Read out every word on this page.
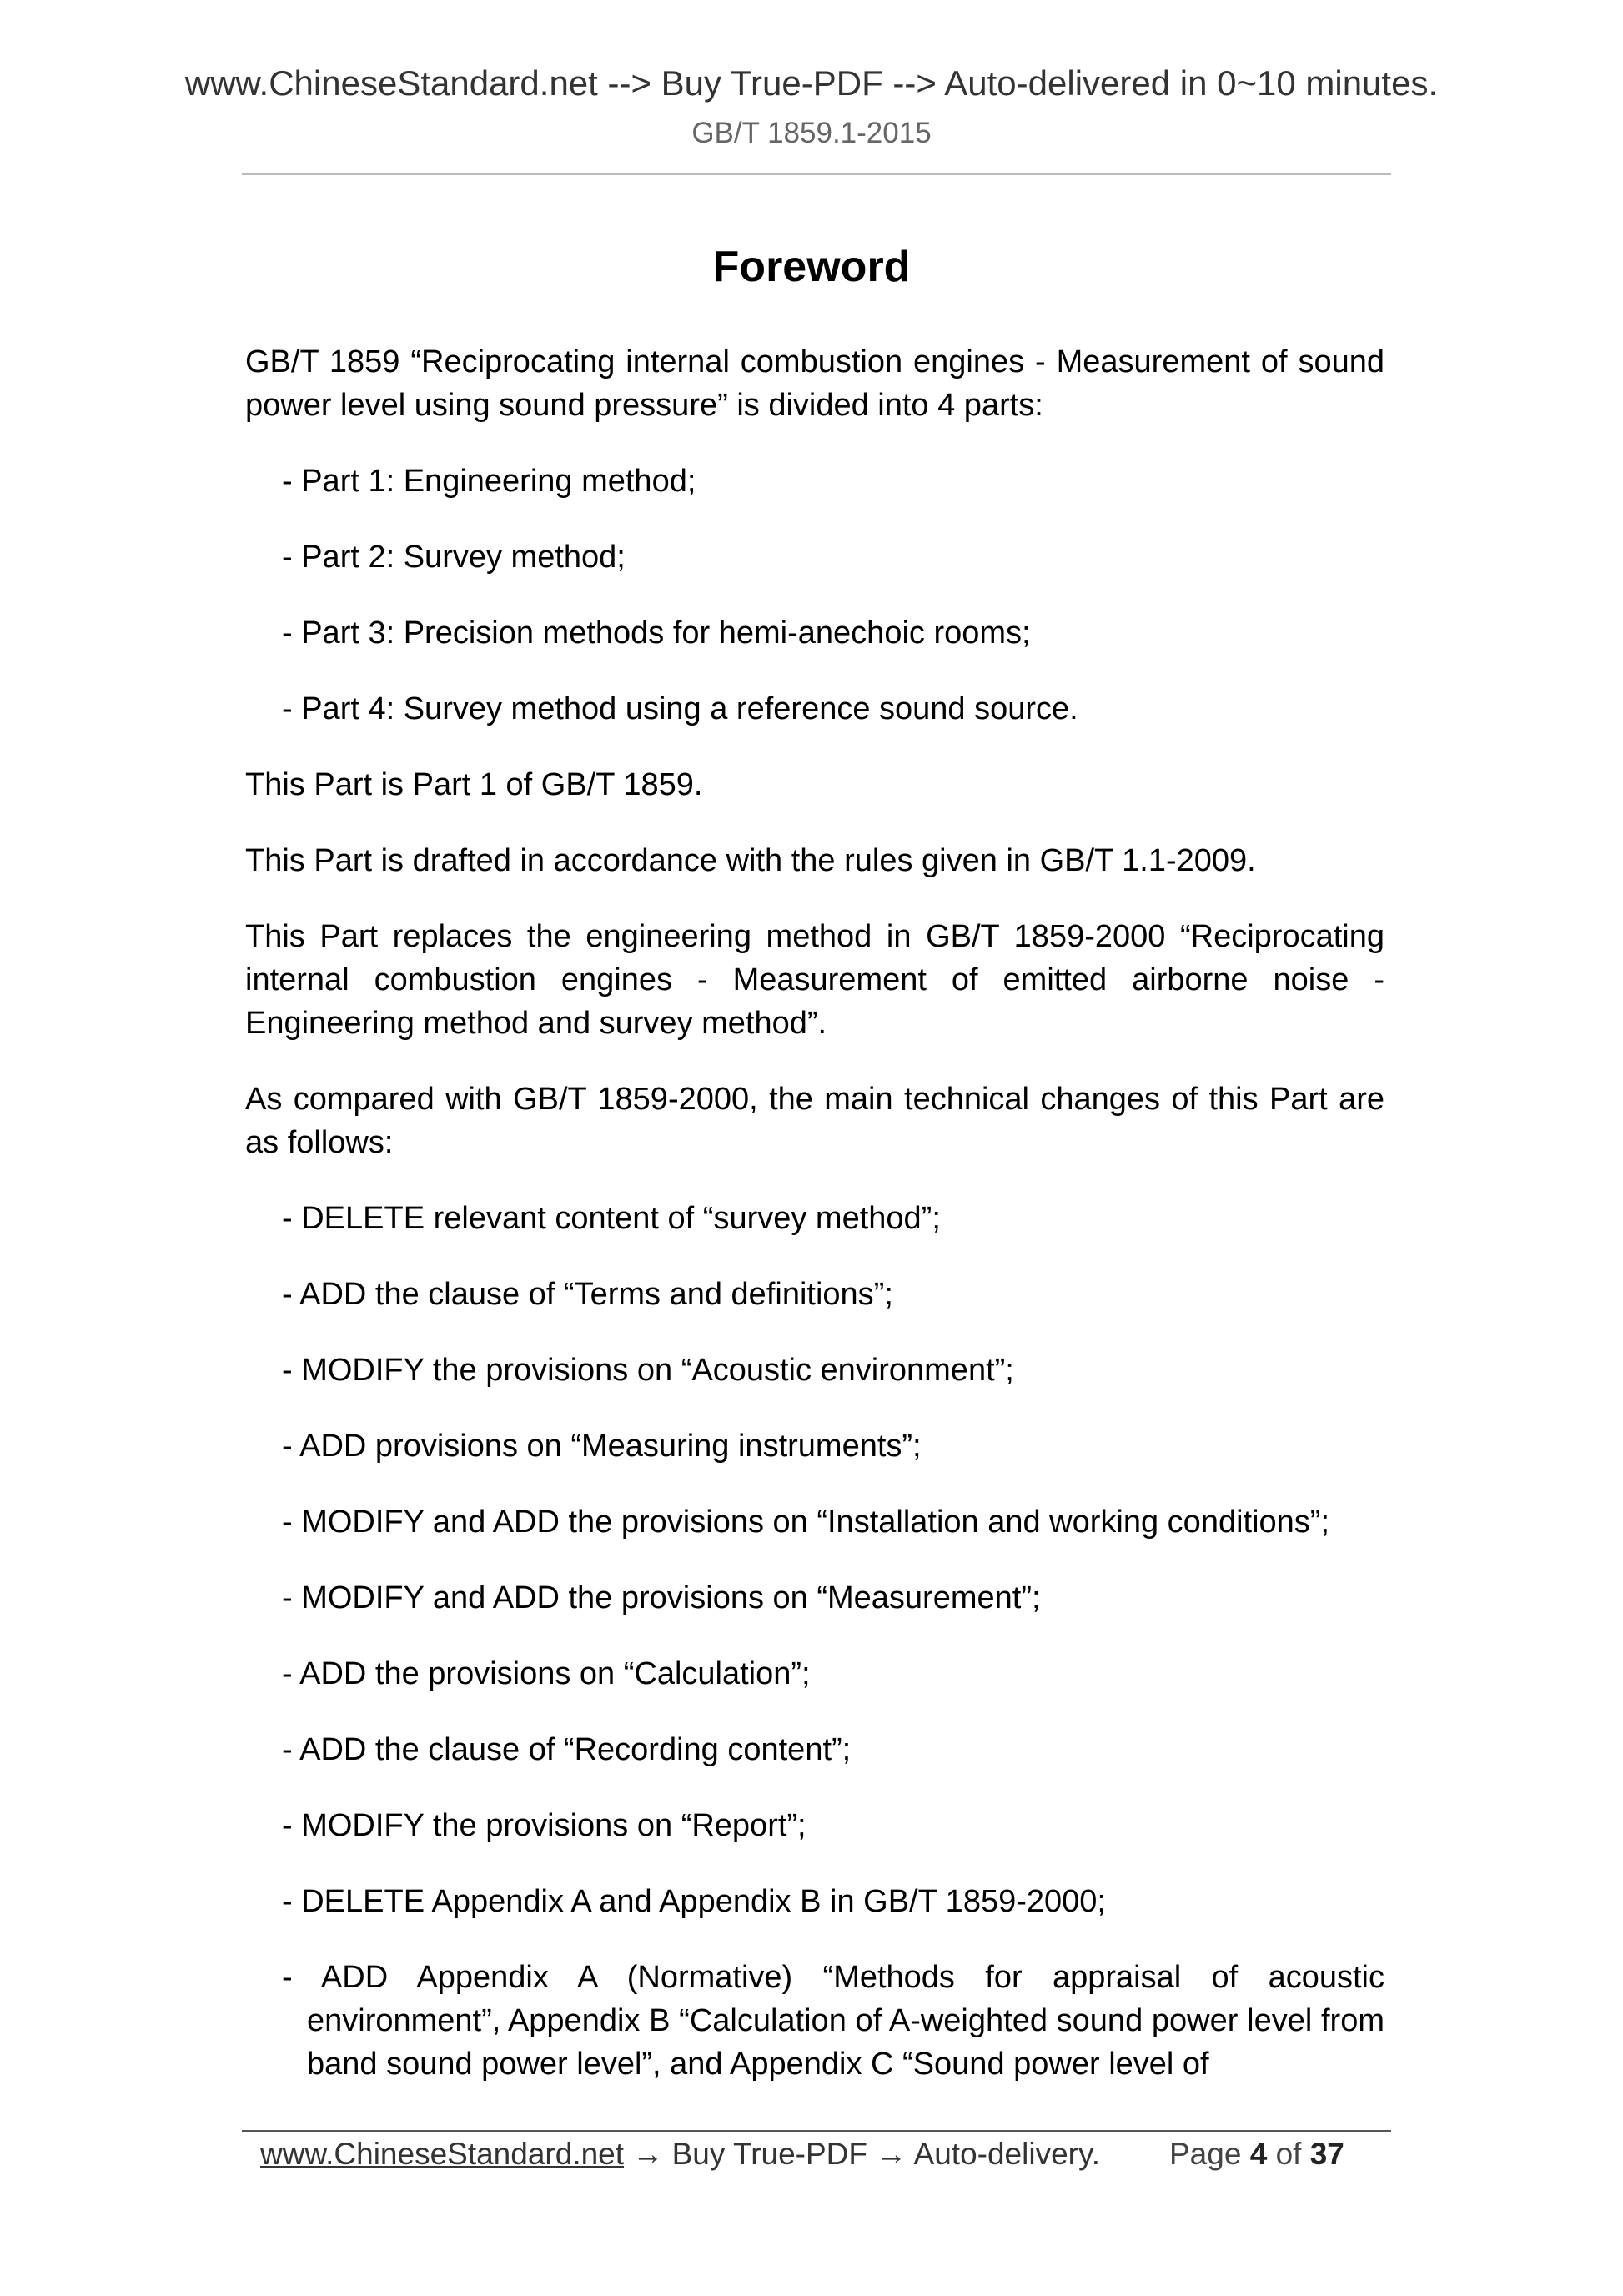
www.ChineseStandard.net --> Buy True-PDF --> Auto-delivered in 0~10 minutes.
GB/T 1859.1-2015
Foreword

GB/T 1859 “Reciprocating internal combustion engines - Measurement of sound power level using sound pressure” is divided into 4 parts:

- Part 1: Engineering method;

- Part 2: Survey method;

- Part 3: Precision methods for hemi-anechoic rooms;

- Part 4: Survey method using a reference sound source.

This Part is Part 1 of GB/T 1859.

This Part is drafted in accordance with the rules given in GB/T 1.1-2009.

This Part replaces the engineering method in GB/T 1859-2000 “Reciprocating internal combustion engines - Measurement of emitted airborne noise - Engineering method and survey method”.

As compared with GB/T 1859-2000, the main technical changes of this Part are as follows:

- DELETE relevant content of “survey method”;

- ADD the clause of “Terms and definitions”;

- MODIFY the provisions on “Acoustic environment”;

- ADD provisions on “Measuring instruments”;

- MODIFY and ADD the provisions on “Installation and working conditions”;

- MODIFY and ADD the provisions on “Measurement”;

- ADD the provisions on “Calculation”;

- ADD the clause of “Recording content”;

- MODIFY the provisions on “Report”;

- DELETE Appendix A and Appendix B in GB/T 1859-2000;

- ADD Appendix A (Normative) “Methods for appraisal of acoustic environment”, Appendix B “Calculation of A-weighted sound power level from band sound power level”, and Appendix C “Sound power level of

www.ChineseStandard.net → Buy True-PDF → Auto-delivery. Page 4 of 37
